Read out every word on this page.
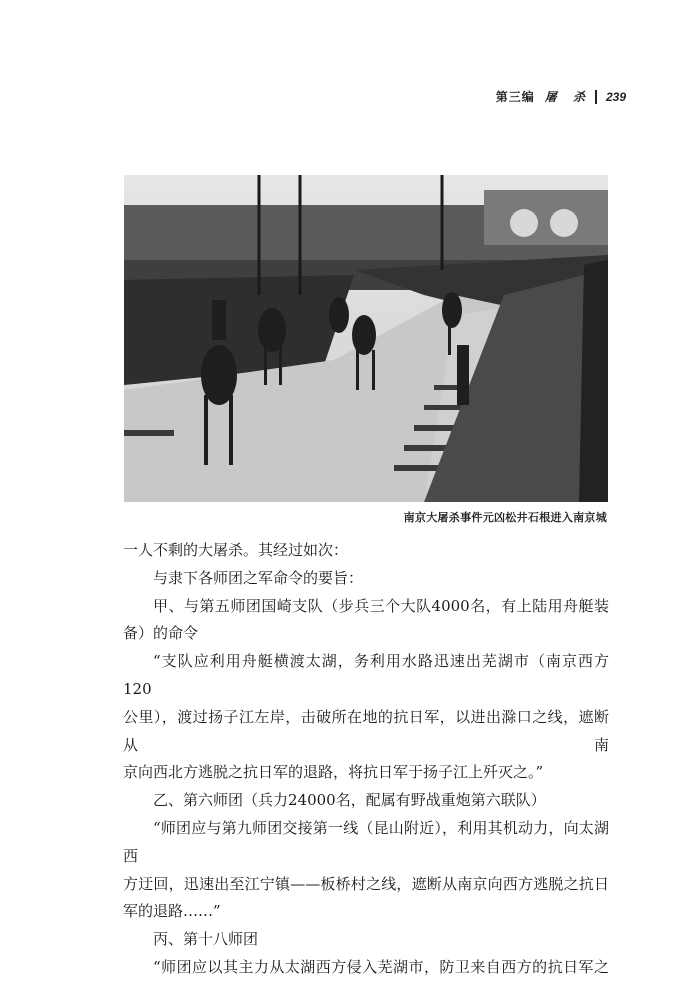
第三编 屠 杀 239
南京大屠杀事件元凶松井石根进入南京城

一人不剩的大屠杀。其经过如次：

与隶下各师团之军命令的要旨：

甲、与第五师团国崎支队（步兵三个大队4000名，有上陆用舟艇装

备）的命令

“支队应利用舟艇横渡太湖，务利用水路迅速出芜湖市（南京西方120

公里），渡过扬子江左岸，击破所在地的抗日军，以进出滁口之线，遮断从南

京向西北方逃脱之抗日军的退路，将抗日军于扬子江上歼灭之。”

乙、第六师团（兵力24000名，配属有野战重炮第六联队）

“师团应与第九师团交接第一线（昆山附近），利用其机动力，向太湖西

方迂回，迅速出至江宁镇——板桥村之线，遮断从南京向西方逃脱之抗日

军的退路……”

丙、第十八师团

“师团应以其主力从太湖西方侵入芜湖市，防卫来自西方的抗日军之
